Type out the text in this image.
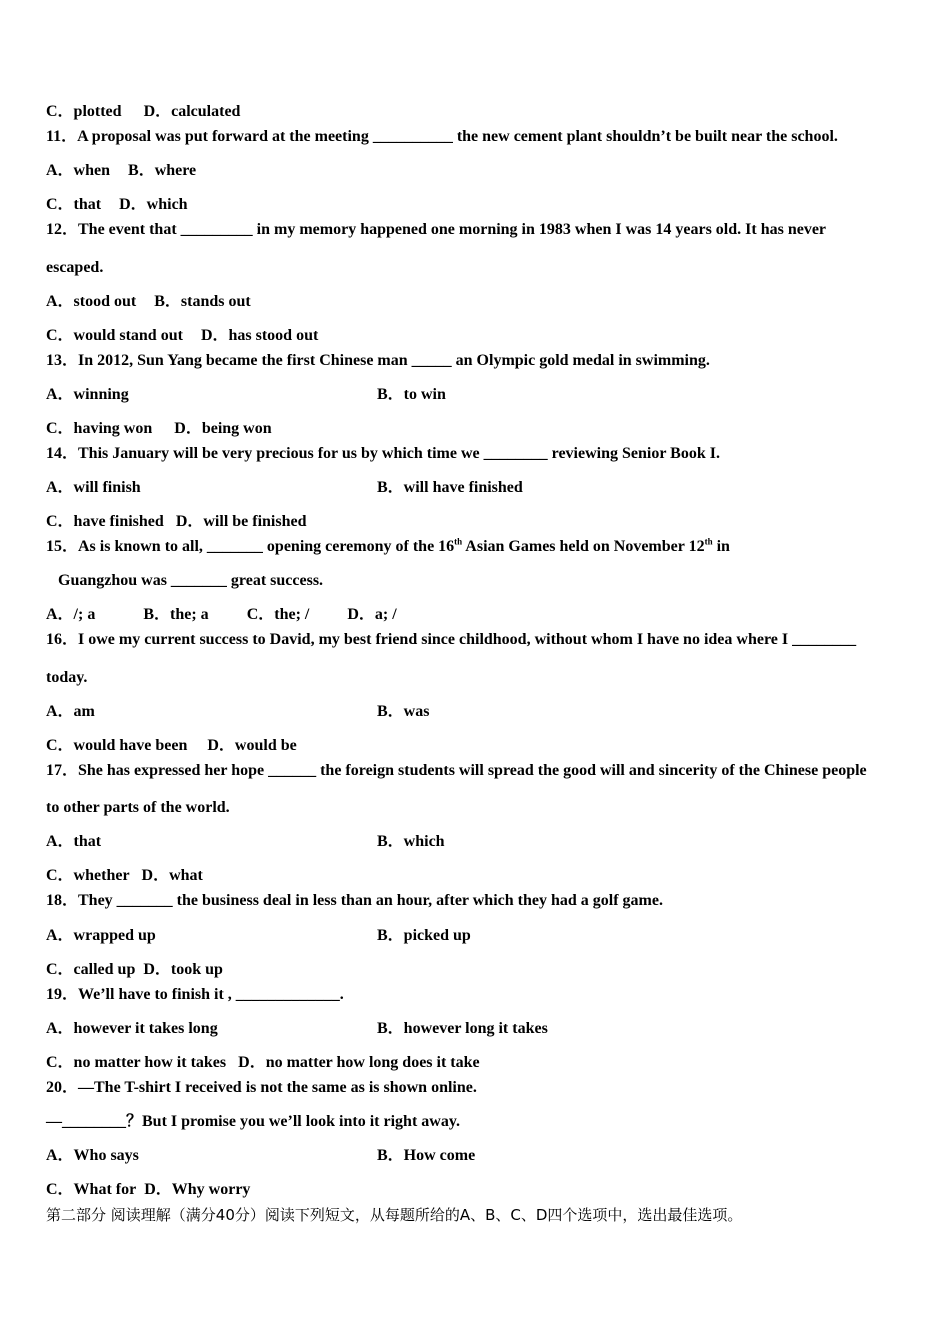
C．plotted D．calculated
11．A proposal was put forward at the meeting __________ the new cement plant shouldn’t be built near the school.
A．when B．where
C．that D．which
12．The event that _________ in my memory happened one morning in 1983 when I was 14 years old. It has never
escaped.
A．stood out B．stands out
C．would stand out D．has stood out
13．In 2012, Sun Yang became the first Chinese man _____ an Olympic gold medal in swimming.
A．winning	B．to win
C．having won D．being won
14．This January will be very precious for us by which time we ________ reviewing Senior Book I.
A．will finish	B．will have finished
C．have finished D．will be finished
15．As is known to all, _______ opening ceremony of the 16th Asian Games held on November 12th in
Guangzhou was _______ great success.
A．/; a	B．the; a C．the; / D．a; /
16．I owe my current success to David, my best friend since childhood, without whom I have no idea where I ________
today.
A．am	B．was
C．would have been D．would be
17．She has expressed her hope ______ the foreign students will spread the good will and sincerity of the Chinese people
to other parts of the world.
A．that	B．which
C．whether D．what
18．They _______ the business deal in less than an hour, after which they had a golf game.
A．wrapped up	B．picked up
C．called up D．took up
19．We’ll have to finish it , _____________.
A．however it takes long	B．however long it takes
C．no matter how it takes D．no matter how long does it take
20．—The T-shirt I received is not the same as is shown online.
—________？But I promise you we’ll look into it right away.
A．Who says	B．How come
C．What for D．Why worry
第二部分 阅读理解（满分40分）阅读下列短文，从每题所给的A、B、C、D四个选项中，选出最佳选项。
